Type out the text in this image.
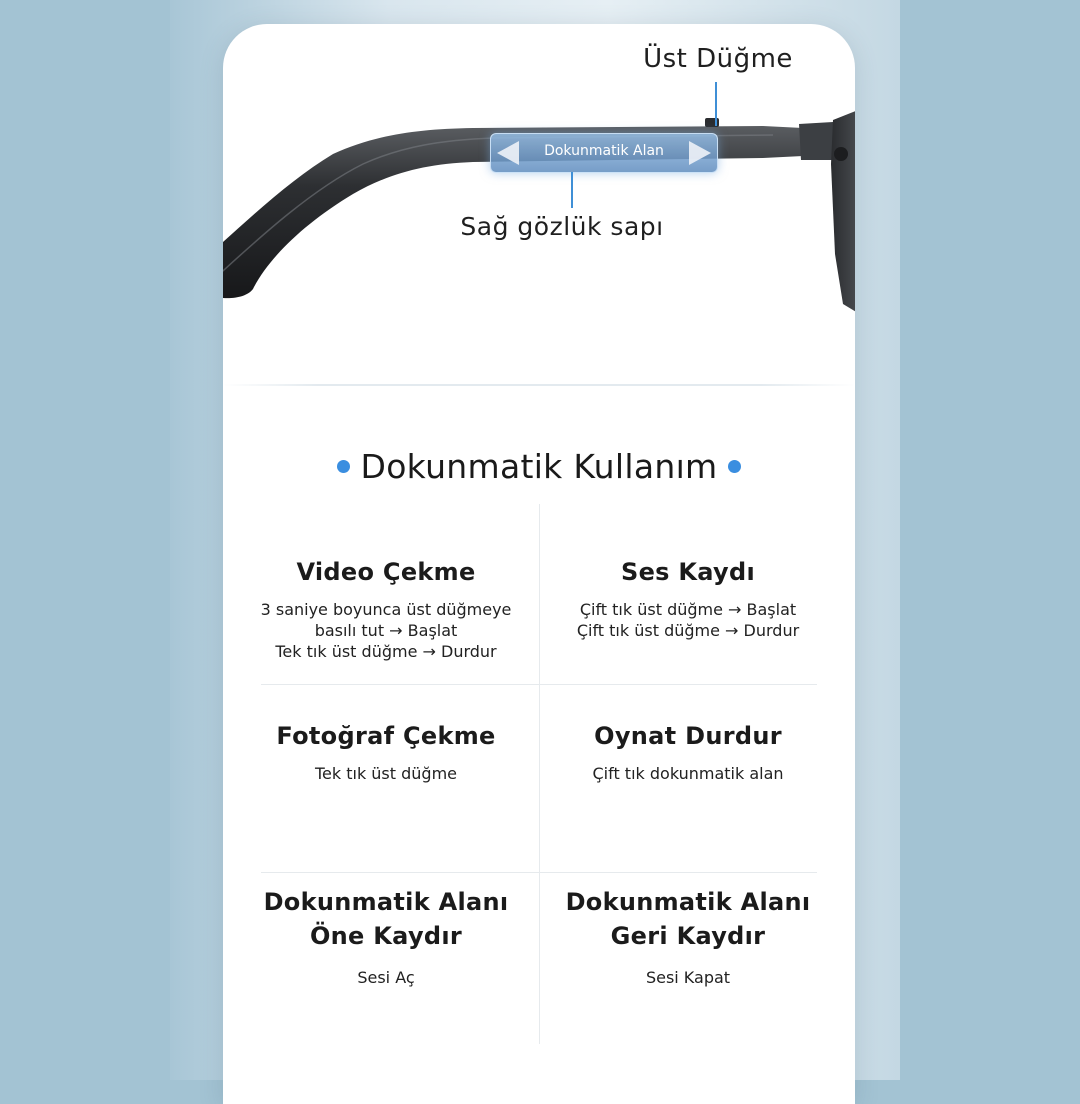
Üst Düğme
Dokunmatik Alan
Sağ gözlük sapı
Dokunmatik Kullanım
Video Çekme
3 saniye boyunca üst düğmeye
basılı tut → Başlat
Tek tık üst düğme → Durdur
Ses Kaydı
Çift tık üst düğme → Başlat
Çift tık üst düğme → Durdur
Fotoğraf Çekme
Tek tık üst düğme
Oynat Durdur
Çift tık dokunmatik alan
Dokunmatik Alanı Öne Kaydır
Sesi Aç
Dokunmatik Alanı Geri Kaydır
Sesi Kapat
